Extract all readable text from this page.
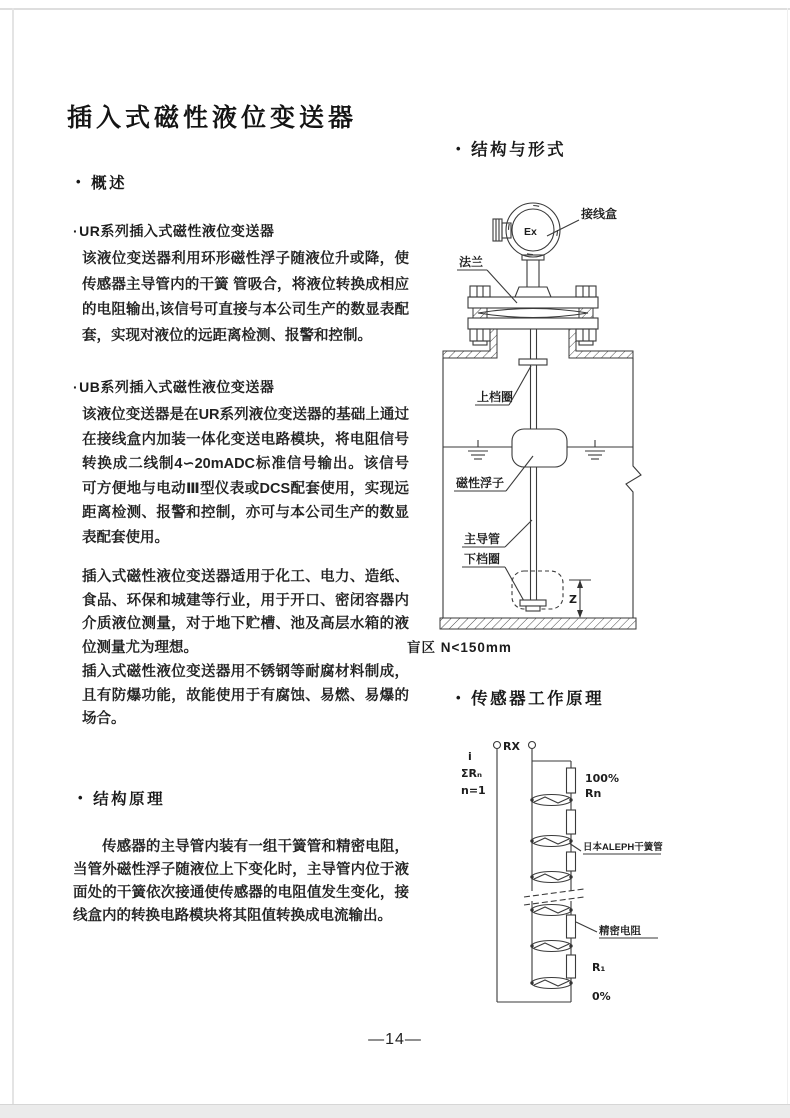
插入式磁性液位变送器
• 概述
·UR系列插入式磁性液位变送器
该液位变送器利用环形磁性浮子随液位升或降，使传感器主导管内的干簧 管吸合，将液位转换成相应的电阻输出,该信号可直接与本公司生产的数显表配套，实现对液位的远距离检测、报警和控制。
·UB系列插入式磁性液位变送器
该液位变送器是在UR系列液位变送器的基础上通过在接线盒内加装一体化变送电路模块，将电阻信号转换成二线制4∽20mADC标准信号输出。该信号可方便地与电动Ⅲ型仪表或DCS配套使用，实现远距离检测、报警和控制，亦可与本公司生产的数显表配套使用。

插入式磁性液位变送器适用于化工、电力、造纸、食品、环保和城建等行业，用于开口、密闭容器内介质液位测量，对于地下贮槽、池及高层水箱的液位测量尤为理想。

插入式磁性液位变送器用不锈钢等耐腐材料制成，且有防爆功能，故能使用于有腐蚀、易燃、易爆的场合。

• 结构原理

传感器的主导管内装有一组干簧管和精密电阻，当管外磁性浮子随液位上下变化时，主导管内位于液面处的干簧依次接通使传感器的电阻值发生变化，接线盒内的转换电路模块将其阻值转换成电流输出。

• 结构与形式
Ex
接线盒
法兰
上档圈
磁性浮子
主导管
下档圈
Z
盲区 N<150mm
• 传感器工作原理
RX
i
ΣRₙ
n=1
100%
Rn
日本ALEPH干簧管
精密电阻
R₁
0%
—14—
